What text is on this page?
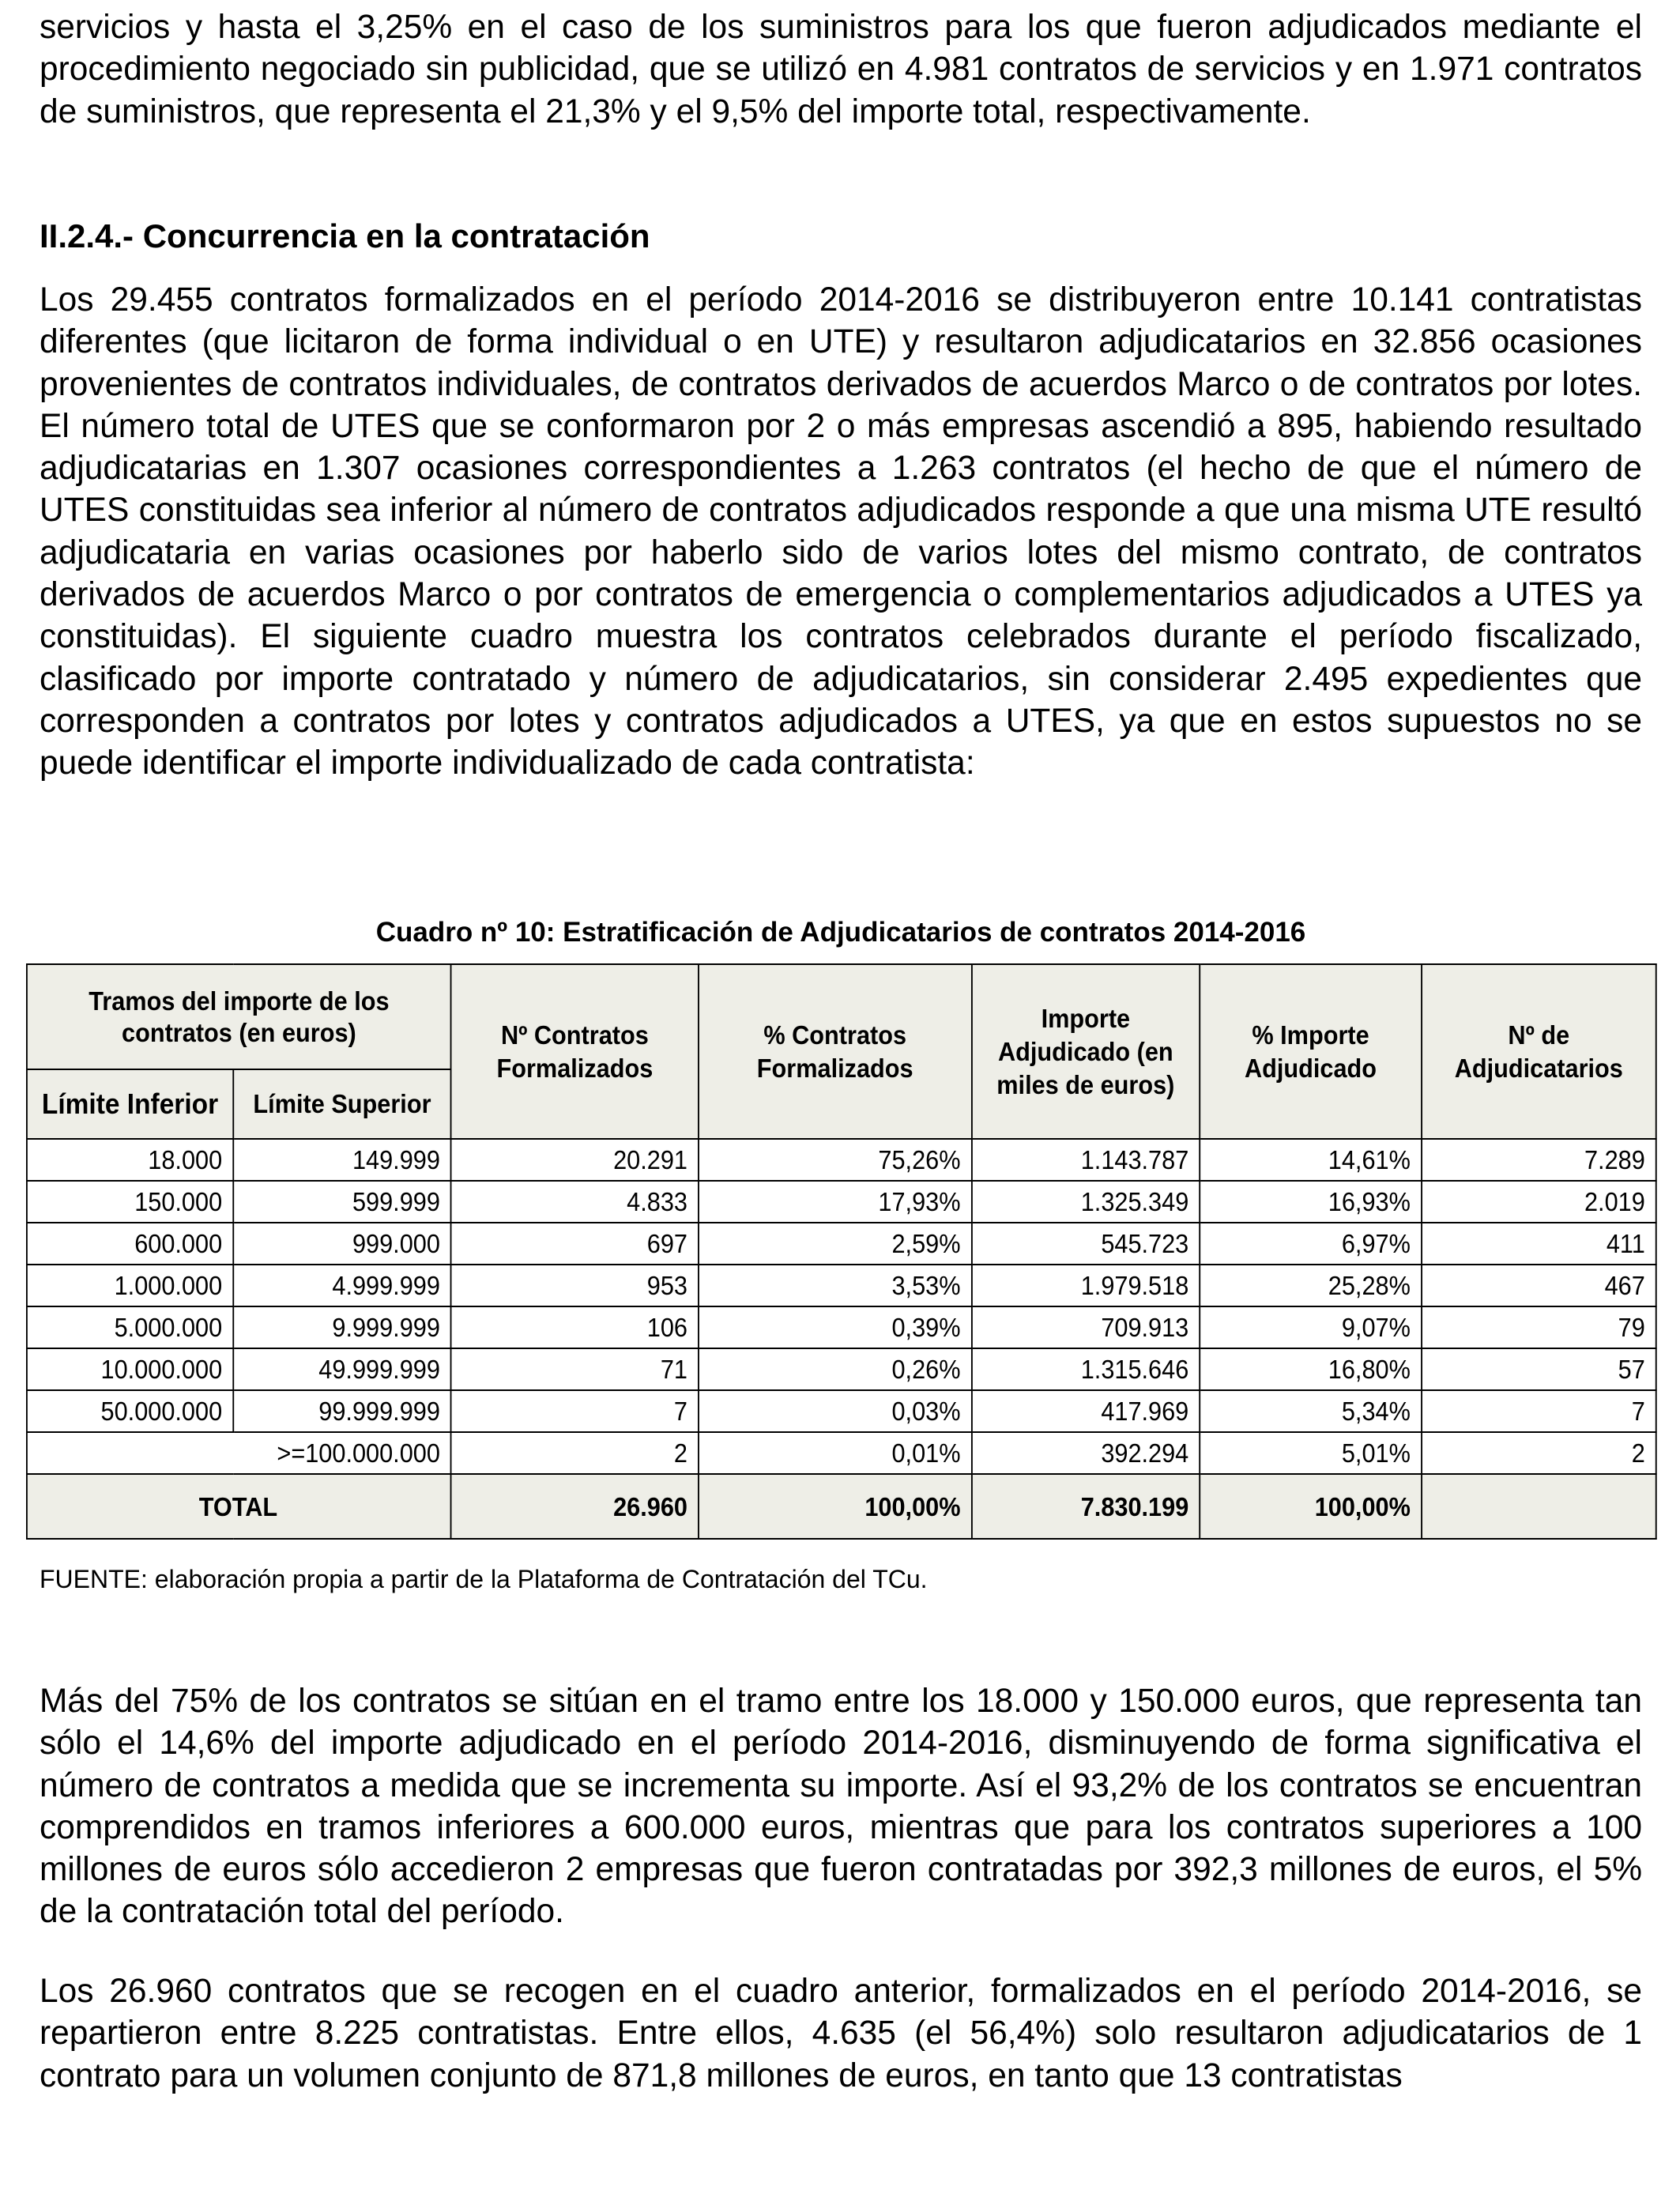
servicios y hasta el 3,25% en el caso de los suministros para los que fueron adjudicados mediante el procedimiento negociado sin publicidad, que se utilizó en 4.981 contratos de servicios y en 1.971 contratos de suministros, que representa el 21,3% y el 9,5% del importe total, respectivamente.

II.2.4.- Concurrencia en la contratación

Los 29.455 contratos formalizados en el período 2014-2016 se distribuyeron entre 10.141 contratistas diferentes (que licitaron de forma individual o en UTE) y resultaron adjudicatarios en 32.856 ocasiones provenientes de contratos individuales, de contratos derivados de acuerdos Marco o de contratos por lotes. El número total de UTES que se conformaron por 2 o más empresas ascendió a 895, habiendo resultado adjudicatarias en 1.307 ocasiones correspondientes a 1.263 contratos (el hecho de que el número de UTES constituidas sea inferior al número de contratos adjudicados responde a que una misma UTE resultó adjudicataria en varias ocasiones por haberlo sido de varios lotes del mismo contrato, de contratos derivados de acuerdos Marco o por contratos de emergencia o complementarios adjudicados a UTES ya constituidas). El siguiente cuadro muestra los contratos celebrados durante el período fiscalizado, clasificado por importe contratado y número de adjudicatarios, sin considerar 2.495 expedientes que corresponden a contratos por lotes y contratos adjudicados a UTES, ya que en estos supuestos no se puede identificar el importe individualizado de cada contratista:

Cuadro nº 10: Estratificación de Adjudicatarios de contratos 2014-2016
Tramos del importe de los contratos (en euros)		Nº Contratos Formalizados	% Contratos Formalizados	Importe Adjudicado (en miles de euros)	% Importe Adjudicado	Nº de Adjudicatarios
Límite Inferior	Límite Superior					
18.000	149.999	20.291	75,26%	1.143.787	14,61%	7.289
150.000	599.999	4.833	17,93%	1.325.349	16,93%	2.019
600.000	999.000	697	2,59%	545.723	6,97%	411
1.000.000	4.999.999	953	3,53%	1.979.518	25,28%	467
5.000.000	9.999.999	106	0,39%	709.913	9,07%	79
10.000.000	49.999.999	71	0,26%	1.315.646	16,80%	57
50.000.000	99.999.999	7	0,03%	417.969	5,34%	7
>=100.000.000		2	0,01%	392.294	5,01%	2
TOTAL		26.960	100,00%	7.830.199	100,00%	

FUENTE: elaboración propia a partir de la Plataforma de Contratación del TCu.

Más del 75% de los contratos se sitúan en el tramo entre los 18.000 y 150.000 euros, que representa tan sólo el 14,6% del importe adjudicado en el período 2014-2016, disminuyendo de forma significativa el número de contratos a medida que se incrementa su importe. Así el 93,2% de los contratos se encuentran comprendidos en tramos inferiores a 600.000 euros, mientras que para los contratos superiores a 100 millones de euros sólo accedieron 2 empresas que fueron contratadas por 392,3 millones de euros, el 5% de la contratación total del período.

Los 26.960 contratos que se recogen en el cuadro anterior, formalizados en el período 2014-2016, se repartieron entre 8.225 contratistas. Entre ellos, 4.635 (el 56,4%) solo resultaron adjudicatarios de 1 contrato para un volumen conjunto de 871,8 millones de euros, en tanto que 13 contratistas
